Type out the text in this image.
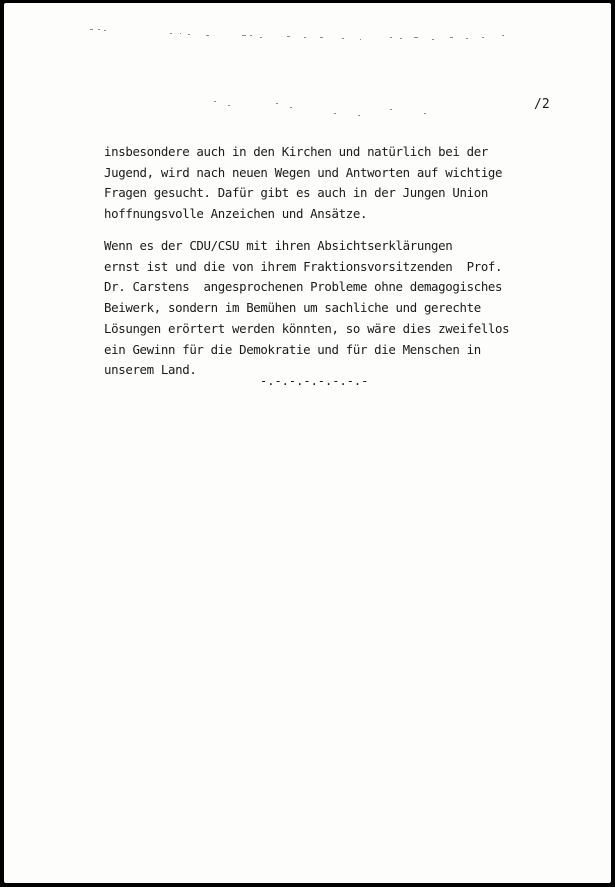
/2

insbesondere auch in den Kirchen und natürlich bei der
Jugend, wird nach neuen Wegen und Antworten auf wichtige
Fragen gesucht. Dafür gibt es auch in der Jungen Union
hoffnungsvolle Anzeichen und Ansätze.

Wenn es der CDU/CSU mit ihren Absichtserklärungen
ernst ist und die von ihrem Fraktionsvorsitzenden  Prof.
Dr. Carstens  angesprochenen Probleme ohne demagogisches
Beiwerk, sondern im Bemühen um sachliche und gerechte
Lösungen erörtert werden könnten, so wäre dies zweifellos
ein Gewinn für die Demokratie und für die Menschen in
unserem Land.

-.-.-.-.-.-.-.-
